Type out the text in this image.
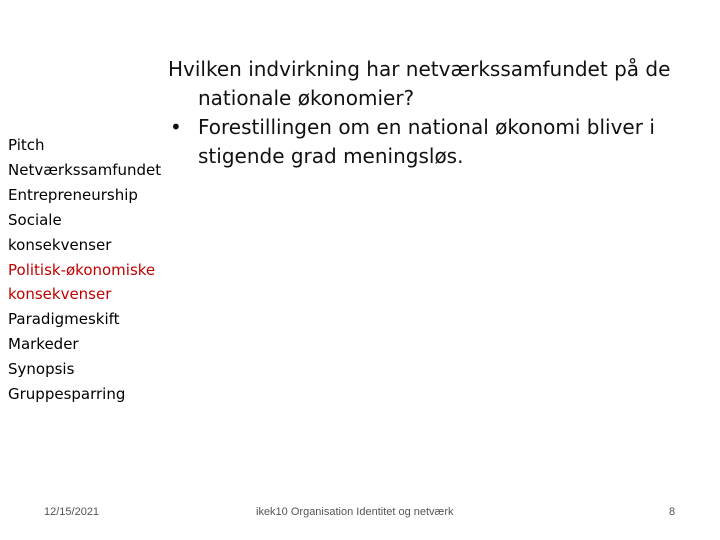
Pitch
Netværkssamfundet
Entrepreneurship
Sociale
konsekvenser
Politisk-økonomiske
konsekvenser
Paradigmeskift
Markeder
Synopsis
Gruppesparring

Hvilken indvirkning har netværkssamfundet på de
nationale økonomier?

• Forestillingen om en national økonomi bliver i
stigende grad meningsløs.

12/15/2021	ikek10 Organisation Identitet og netværk	8
